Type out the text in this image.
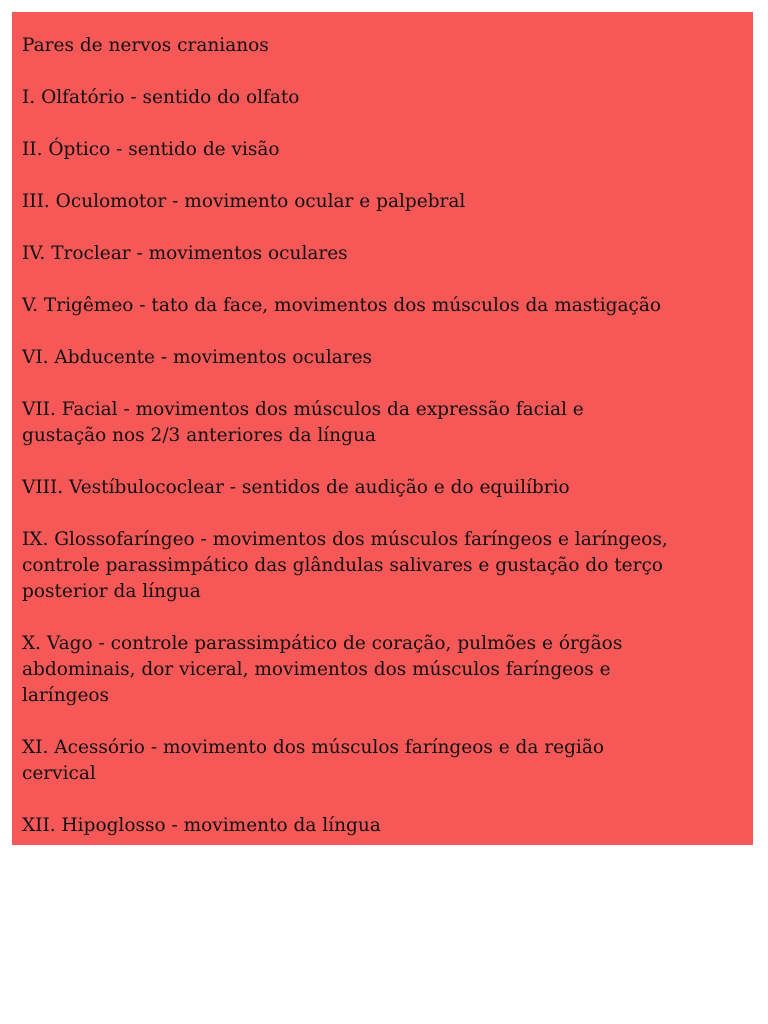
Pares de nervos cranianos

I. Olfatório - sentido do olfato

II. Óptico - sentido de visão

III. Oculomotor - movimento ocular e palpebral

IV. Troclear - movimentos oculares

V. Trigêmeo - tato da face, movimentos dos músculos da mastigação

VI. Abducente - movimentos oculares

VII. Facial - movimentos dos músculos da expressão facial e

gustação nos 2/3 anteriores da língua

VIII. Vestíbulococlear - sentidos de audição e do equilíbrio

IX. Glossofaríngeo - movimentos dos músculos faríngeos e laríngeos,

controle parassimpático das glândulas salivares e gustação do terço

posterior da língua

X. Vago - controle parassimpático de coração, pulmões e órgãos

abdominais, dor viceral, movimentos dos músculos faríngeos e

laríngeos

XI. Acessório - movimento dos músculos faríngeos e da região

cervical

XII. Hipoglosso - movimento da língua
